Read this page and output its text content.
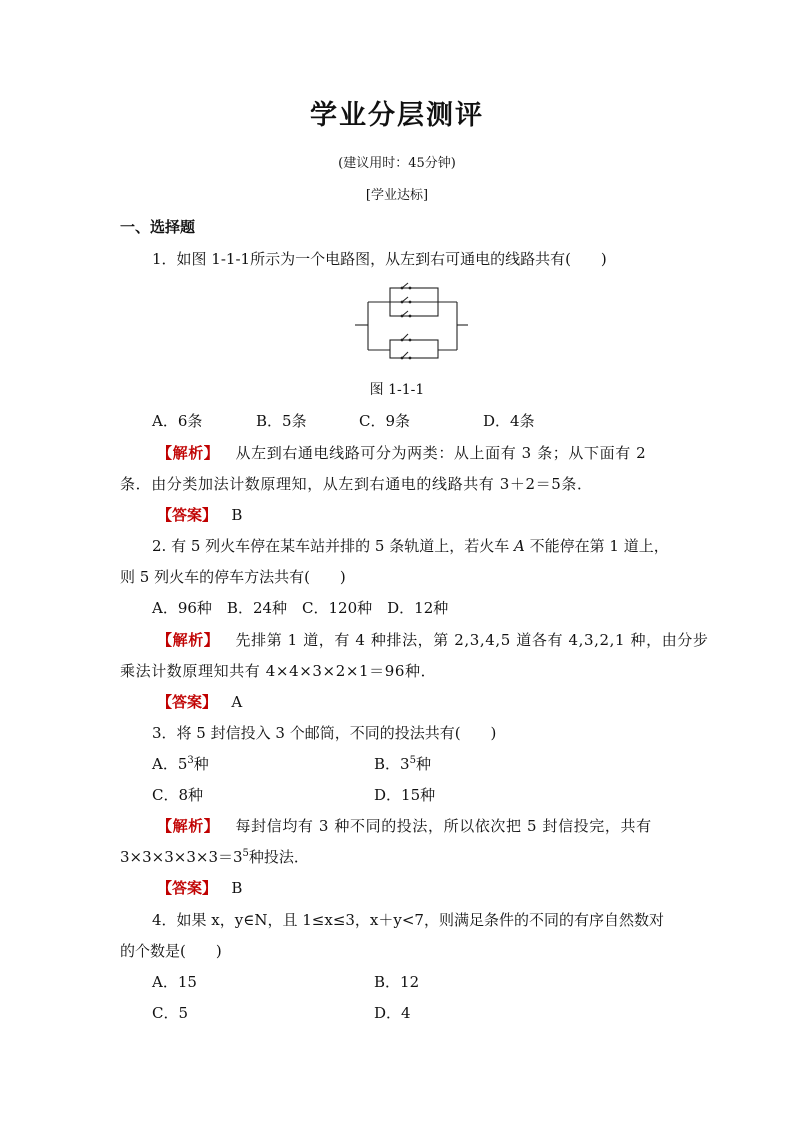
学业分层测评
(建议用时：45分钟)
[学业达标]
一、选择题
1．如图 1-1-1所示为一个电路图，从左到右可通电的线路共有(　　)
图 1-1-1
A．6条	B．5条	C．9条	D．4条
【解析】 从左到右通电线路可分为两类：从上面有 3 条；从下面有 2
条．由分类加法计数原理知，从左到右通电的线路共有 3＋2＝5条．
【答案】 B
2. 有 5 列火车停在某车站并排的 5 条轨道上，若火车 A 不能停在第 1 道上，
则 5 列火车的停车方法共有(　　)
A．96种　B．24种　C．120种　D．12种
【解析】 先排第 1 道，有 4 种排法，第 2,3,4,5 道各有 4,3,2,1 种，由分步
乘法计数原理知共有 4×4×3×2×1＝96种．
【答案】 A
3．将 5 封信投入 3 个邮筒，不同的投法共有(　　)
A．$5^3$种	B．$3^5$种
C．8种	D．15种
【解析】 每封信均有 3 种不同的投法，所以依次把 5 封信投完，共有
$3\times 3\times 3\times 3\times 3=3^5$种投法．
【答案】 B
4．如果 x，y∈N，且 1≤x≤3，x＋y<7，则满足条件的不同的有序自然数对
的个数是(　　)
A．15	B．12
C．5	D．4
